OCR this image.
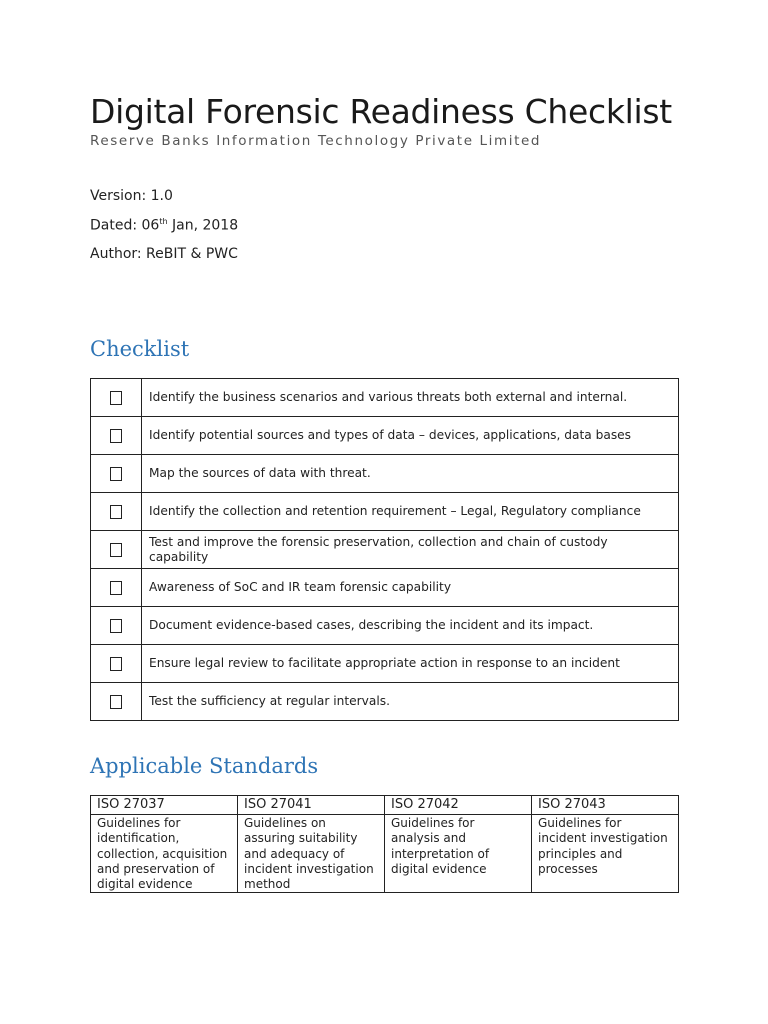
Digital Forensic Readiness Checklist
Reserve Banks Information Technology Private Limited
Version: 1.0
Dated: 06th Jan, 2018
Author: ReBIT & PWC
Checklist
	Identify the business scenarios and various threats both external and internal.
	Identify potential sources and types of data – devices, applications, data bases
	Map the sources of data with threat.
	Identify the collection and retention requirement – Legal, Regulatory compliance
	Test and improve the forensic preservation, collection and chain of custody capability
	Awareness of SoC and IR team forensic capability
	Document evidence-based cases, describing the incident and its impact.
	Ensure legal review to facilitate appropriate action in response to an incident
	Test the sufficiency at regular intervals.
Applicable Standards
ISO 27037	ISO 27041	ISO 27042	ISO 27043
Guidelines for identification, collection, acquisition and preservation of digital evidence	Guidelines on assuring suitability and adequacy of incident investigation method	Guidelines for analysis and interpretation of digital evidence	Guidelines for incident investigation principles and processes
